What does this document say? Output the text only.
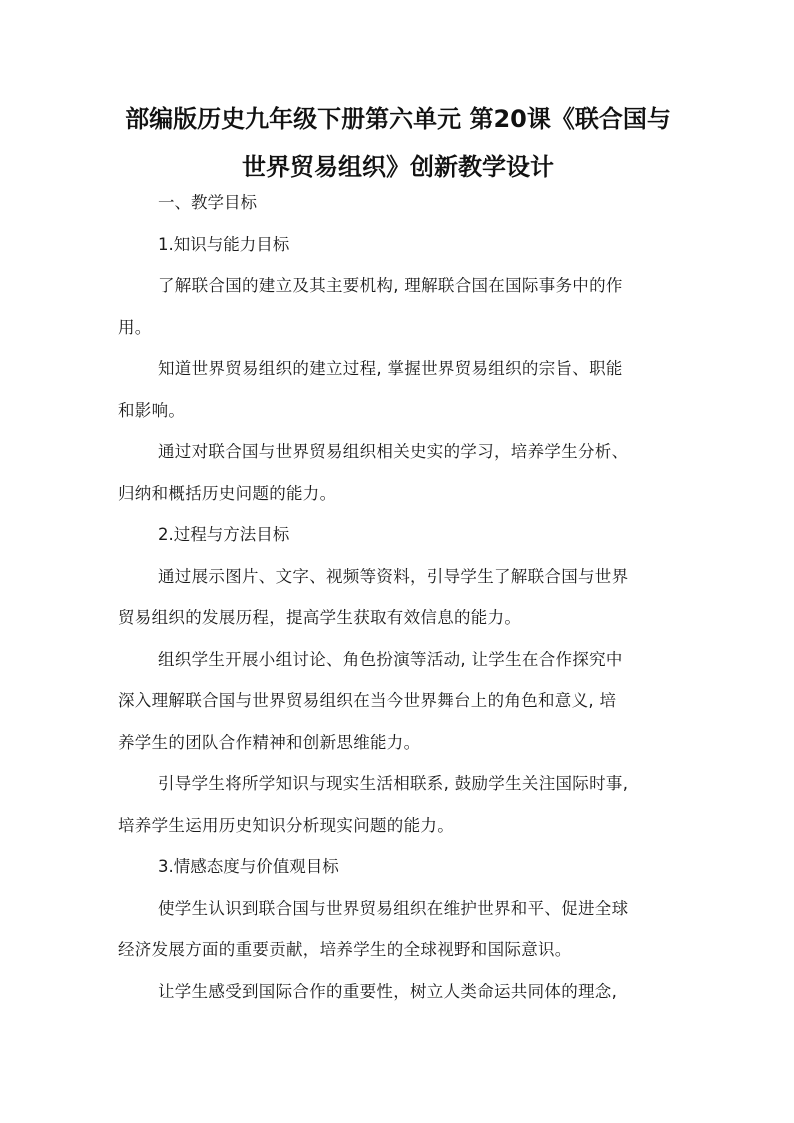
部编版历史九年级下册第六单元 第20课《联合国与
世界贸易组织》创新教学设计
一、教学目标
1.知识与能力目标
了解联合国的建立及其主要机构, 理解联合国在国际事务中的作
用。
知道世界贸易组织的建立过程, 掌握世界贸易组织的宗旨、职能
和影响。
通过对联合国与世界贸易组织相关史实的学习，培养学生分析、
归纳和概括历史问题的能力。
2.过程与方法目标
通过展示图片、文字、视频等资料，引导学生了解联合国与世界
贸易组织的发展历程，提高学生获取有效信息的能力。
组织学生开展小组讨论、角色扮演等活动, 让学生在合作探究中
深入理解联合国与世界贸易组织在当今世界舞台上的角色和意义, 培
养学生的团队合作精神和创新思维能力。
引导学生将所学知识与现实生活相联系, 鼓励学生关注国际时事,
培养学生运用历史知识分析现实问题的能力。
3.情感态度与价值观目标
使学生认识到联合国与世界贸易组织在维护世界和平、促进全球
经济发展方面的重要贡献，培养学生的全球视野和国际意识。
让学生感受到国际合作的重要性，树立人类命运共同体的理念,
